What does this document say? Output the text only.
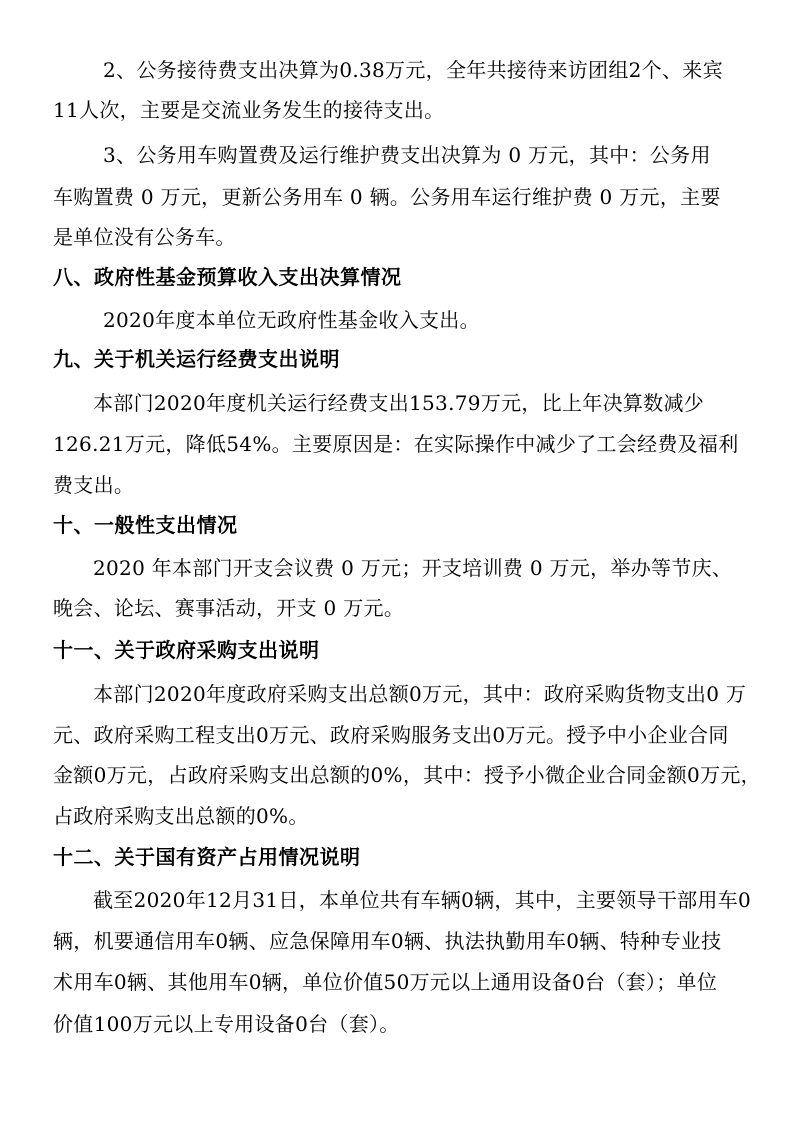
2、公务接待费支出决算为0.38万元，全年共接待来访团组2个、来宾
11人次，主要是交流业务发生的接待支出。
3、公务用车购置费及运行维护费支出决算为 0 万元，其中：公务用
车购置费 0 万元，更新公务用车 0 辆。公务用车运行维护费 0 万元，主要
是单位没有公务车。
八、政府性基金预算收入支出决算情况
2020年度本单位无政府性基金收入支出。
九、关于机关运行经费支出说明
本部门2020年度机关运行经费支出153.79万元，比上年决算数减少
126.21万元，降低54%。主要原因是：在实际操作中减少了工会经费及福利
费支出。
十、一般性支出情况
2020 年本部门开支会议费 0 万元；开支培训费 0 万元，举办等节庆、
晚会、论坛、赛事活动，开支 0 万元。
十一、关于政府采购支出说明
本部门2020年度政府采购支出总额0万元，其中：政府采购货物支出0 万
元、政府采购工程支出0万元、政府采购服务支出0万元。授予中小企业合同
金额0万元，占政府采购支出总额的0%，其中：授予小微企业合同金额0万元，
占政府采购支出总额的0%。
十二、关于国有资产占用情况说明
截至2020年12月31日，本单位共有车辆0辆，其中，主要领导干部用车0
辆，机要通信用车0辆、应急保障用车0辆、执法执勤用车0辆、特种专业技
术用车0辆、其他用车0辆，单位价值50万元以上通用设备0台（套）；单位
价值100万元以上专用设备0台（套）。
